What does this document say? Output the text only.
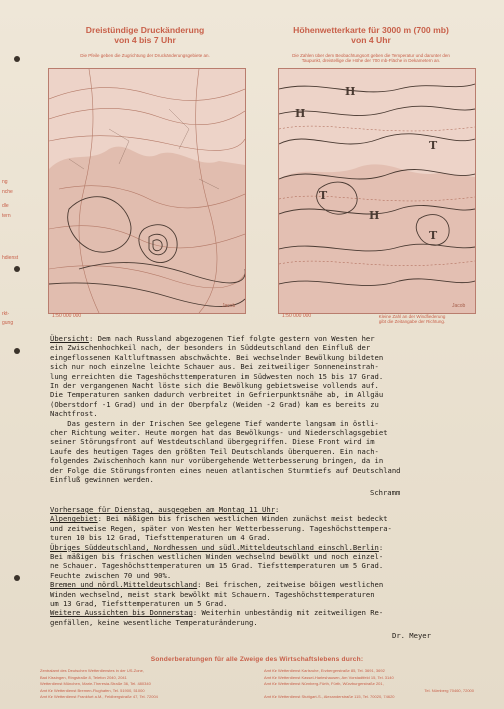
ng
nche
dle
tern
hdienst
rkt-
gung
Dreistündige Druckänderung
von 4 bis 7 Uhr
Die Pfeile geben die Zugrichtung der Druckänderungsgebiete an.
Höhenwetterkarte für 3000 m (700 mb)
von 4 Uhr
Die Zahlen über dem Beobachtungsort geben die Temperatur und darunter den
Taupunkt, dreistellige die Höhe der 700 mb-Fläche in Dekametern an.
1:50 000 000
Jacob
H
H
T
T
H
T
1:50 000 000
Jacob
Kleine Zahl an der Windfiederung
gibt die Zeitangabe der Richtung.
Übersicht: Dem nach Russland abgezogenen Tief folgte gestern von Westen her
ein Zwischenhochkeil nach, der besonders in Süddeutschland den Einfluß der
eingeflossenen Kaltluftmassen abschwächte. Bei wechselnder Bewölkung bildeten
sich nur noch einzelne leichte Schauer aus. Bei zeitweiliger Sonneneinstrah-
lung erreichten die Tageshöchsttemperaturen im Südwesten noch 15 bis 17 Grad.
In der vergangenen Nacht löste sich die Bewölkung gebietsweise vollends auf.
Die Temperaturen sanken dadurch verbreitet in Gefrierpunktsnähe ab, im Allgäu
(Oberstdorf -1 Grad) und in der Oberpfalz (Weiden -2 Grad) kam es bereits zu
Nachtfrost.
Das gestern in der Irischen See gelegene Tief wanderte langsam in östli-
cher Richtung weiter. Heute morgen hat das Bewölkungs- und Niederschlagsgebiet
seiner Störungsfront auf Westdeutschland übergegriffen. Diese Front wird im
Laufe des heutigen Tages den größten Teil Deutschlands überqueren. Ein nach-
folgendes Zwischenhoch kann nur vorübergehende Wetterbesserung bringen, da in
der Folge die Störungsfronten eines neuen atlantischen Sturmtiefs auf Deutschland
Einfluß gewinnen werden.
Schramm
Vorhersage für Dienstag, ausgegeben am Montag 11 Uhr:
Alpengebiet: Bei mäßigen bis frischen westlichen Winden zunächst meist bedeckt
und zeitweise Regen, später von Westen her Wetterbesserung. Tageshöchsttempera-
turen 10 bis 12 Grad, Tiefsttemperaturen um 4 Grad.
Übriges Süddeutschland, Nordhessen und südl.Mitteldeutschland einschl.Berlin:
Bei mäßigen bis frischen westlichen Winden wechselnd bewölkt und noch einzel-
ne Schauer. Tageshöchsttemperaturen um 15 Grad. Tiefsttemperaturen um 5 Grad.
Feuchte zwischen 70 und 90%.
Bremen und nördl.Mitteldeutschland: Bei frischen, zeitweise böigen westlichen
Winden wechselnd, meist stark bewölkt mit Schauern. Tageshöchsttemperaturen
um 13 Grad, Tiefsttemperaturen um 5 Grad.
Weitere Aussichten bis Donnerstag: Weiterhin unbeständig mit zeitweiligen Re-
genfällen, keine wesentliche Temperaturänderung.
Dr. Meyer
Sonderberatungen für alle Zweige des Wirtschaftslebens durch:
Zentralamt des Deutschen Wetterdienstes in der US-Zone,
Bad Kissingen, Ringstraße 8, Telefon 2040, 2041
Wetterdienst München, Marie-Theresia-Straße 36, Tel. 480340
Amt für Wetterdienst Bremen-Flughafen, Tel. 51900, 51000
Amt für Wetterdienst Frankfurt a.M., Feldbergstraße 47, Tel. 72004
Amt für Wetterdienst Karlsruhe, Erzbergerstraße 85, Tel. 3691, 3692
Amt für Wetterdienst Kassel-Harleshausen, Am Vorstadtfeld 15, Tel. 3140
Amt für Wetterdienst Nürnberg-Fürth, Fürth, Würzburgerstraße 201,
Tel. Nürnberg 70460, 72000
Amt für Wetterdienst Stuttgart-S., Alexanderstraße 115, Tel. 70020, 74620
